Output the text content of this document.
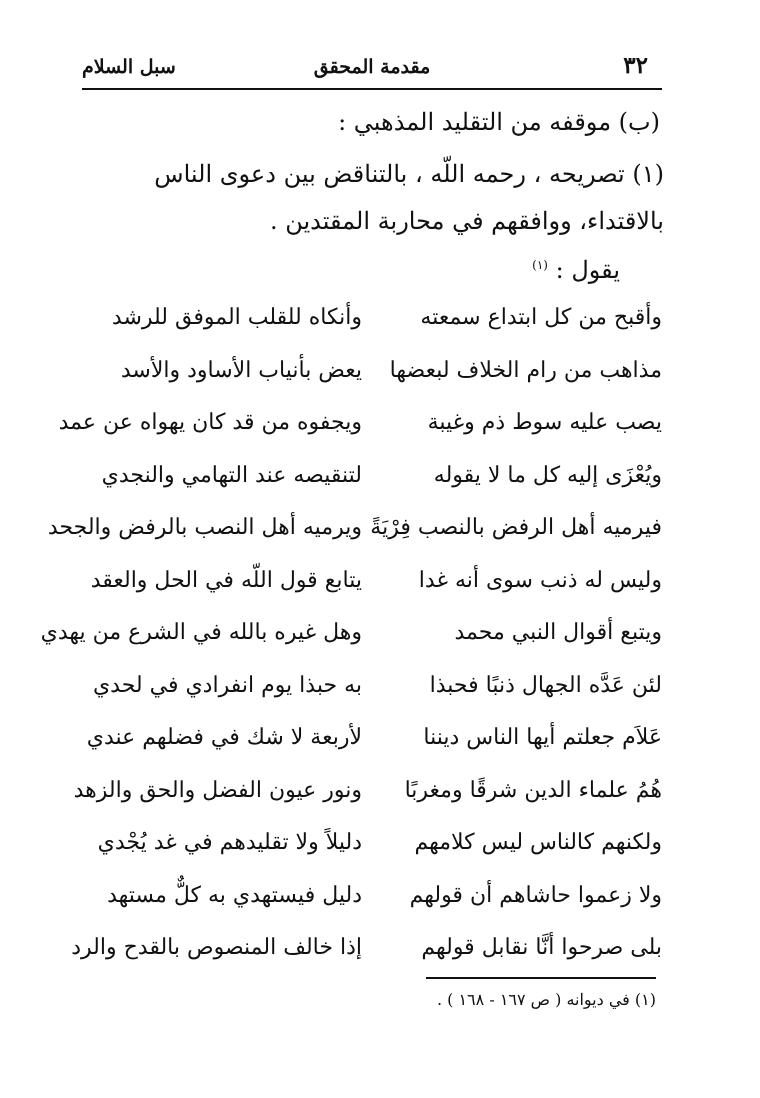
٣٢
مقدمة المحقق
سبل السلام
(ب) موقفه من التقليد المذهبي :
(١) تصريحه ، رحمه اللّه ، بالتناقض بين دعوى الناس
بالاقتداء، ووافقهم في محاربة المقتدين .
يقول : $^{(١)}$
وأقبح من كل ابتداع سمعته
وأنكاه للقلب الموفق للرشد
مذاهب من رام الخلاف لبعضها
يعض بأنياب الأساود والأسد
يصب عليه سوط ذم وغيبة
ويجفوه من قد كان يهواه عن عمد
ويُعْزَى إليه كل ما لا يقوله
لتنقيصه عند التهامي والنجدي
فيرميه أهل الرفض بالنصب فِرْيَةً
ويرميه أهل النصب بالرفض والجحد
وليس له ذنب سوى أنه غدا
يتابع قول اللّه في الحل والعقد
ويتبع أقوال النبي محمد
وهل غيره بالله في الشرع من يهدي
لئن عَدَّه الجهال ذنبًا فحبذا
به حبذا يوم انفرادي في لحدي
عَلاَم جعلتم أيها الناس ديننا
لأربعة لا شك في فضلهم عندي
هُمُ علماء الدين شرقًا ومغربًا
ونور عيون الفضل والحق والزهد
ولكنهم كالناس ليس كلامهم
دليلاً ولا تقليدهم في غد يُجْدي
ولا زعموا حاشاهم أن قولهم
دليل فيستهدي به كلٌّ مستهد
بلى صرحوا أنَّا نقابل قولهم
إذا خالف المنصوص بالقدح والرد
(١) في ديوانه ( ص ١٦٧ - ١٦٨ ) .
